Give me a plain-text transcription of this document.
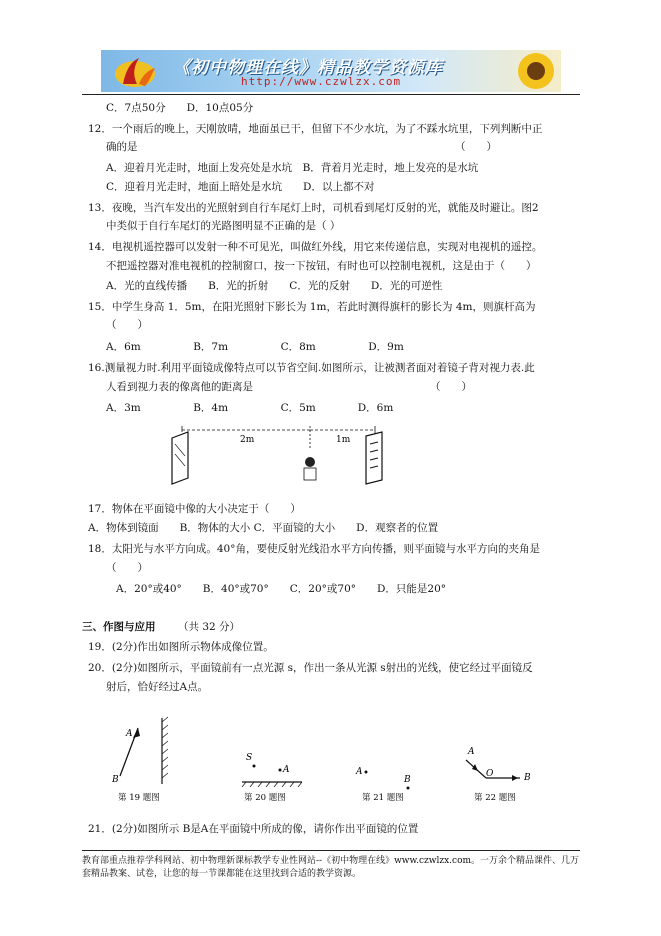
《初中物理在线》精品教学资源库
http://www.czwlzx.com
C．7点50分　　D．10点05分
12．一个雨后的晚上，天刚放晴，地面虽已干，但留下不少水坑，为了不踩水坑里，下列判断中正
确的是	（　　）
A．迎着月光走时，地面上发亮处是水坑　B．背着月光走时，地上发亮的是水坑
C．迎着月光走时，地面上暗处是水坑　　D．以上都不对
13．夜晚，当汽车发出的光照射到自行车尾灯上时，司机看到尾灯反射的光，就能及时避让。图2
中类似于自行车尾灯的光路图明显不正确的是（ ）
14．电视机遥控器可以发射一种不可见光，叫做红外线，用它来传递信息，实现对电视机的遥控。
不把遥控器对准电视机的控制窗口，按一下按钮，有时也可以控制电视机，这是由于（　　）
A．光的直线传播　　B．光的折射　　C．光的反射　　D．光的可逆性
15．中学生身高 1．5m，在阳光照射下影长为 1m，若此时测得旗杆的影长为 4m，则旗杆高为
（　　）
A．6m　　　　　B．7m　　　　　C．8m　　　　　D．9m
16.测量视力时.利用平面镜成像特点可以节省空间.如图所示，让被测者面对着镜子背对视力表.此
人看到视力表的像离他的距离是	（　　）
A．3m　　　　　B．4m　　　　　C．5m　　　　D．6m
2m	1m
17．物体在平面镜中像的大小决定于（　　）
A．物体到镜面　　B．物体的大小 C．平面镜的大小　　D．观察者的位置
18．太阳光与水平方向成。40°角，要使反射光线沿水平方向传播，则平面镜与水平方向的夹角是
（　　）
A．20°或40°　　B．40°或70°　　C．20°或70°　　D．只能是20°
三、作图与应用 （共 32 分）
19．(2分)作出如图所示物体成像位置。
20．(2分)如图所示，平面镜前有一点光源 s，作出一条从光源 s射出的光线，使它经过平面镜反
射后，恰好经过A点。
A
B
第 19 题图
S
A
第 20 题图
A
B
第 21 题图
A
O	B
第 22 题图
21．(2分)如图所示 B是A在平面镜中所成的像，请你作出平面镜的位置
教育部重点推荐学科网站、初中物理新课标教学专业性网站--《初中物理在线》www.czwlzx.com。一万余个精品课件、几万套精品教案、试卷，让您的每一节课都能在这里找到合适的教学资源。
